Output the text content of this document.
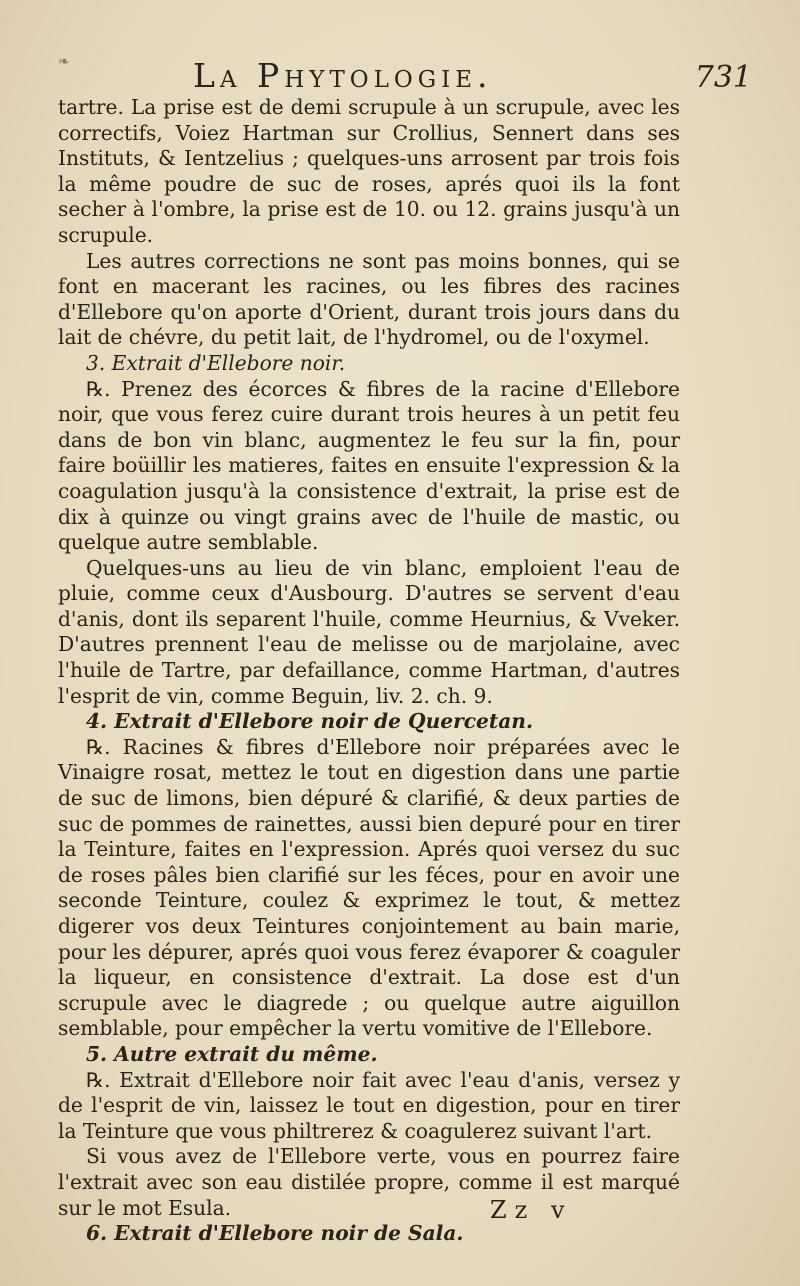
❧	La Phytologie.	731

tartre. La prise est de demi scrupule à un scrupule, avec les correctifs, Voiez Hartman sur Crollius, Sennert dans ses Instituts, & Ientzelius ; quelques-uns arrosent par trois fois la même poudre de suc de roses, aprés quoi ils la font secher à l'ombre, la prise est de 10. ou 12. grains jusqu'à un scrupule.

Les autres corrections ne sont pas moins bonnes, qui se font en macerant les racines, ou les fibres des racines d'Ellebore qu'on aporte d'Orient, durant trois jours dans du lait de chévre, du petit lait, de l'hydromel, ou de l'oxymel.

3. Extrait d'Ellebore noir.

℞. Prenez des écorces & fibres de la racine d'Ellebore noir, que vous ferez cuire durant trois heures à un petit feu dans de bon vin blanc, augmentez le feu sur la fin, pour faire boüillir les matieres, faites en ensuite l'expression & la coagulation jusqu'à la consistence d'extrait, la prise est de dix à quinze ou vingt grains avec de l'huile de mastic, ou quelque autre semblable.

Quelques-uns au lieu de vin blanc, emploient l'eau de pluie, comme ceux d'Ausbourg. D'autres se servent d'eau d'anis, dont ils separent l'huile, comme Heurnius, & Vveker. D'autres prennent l'eau de melisse ou de marjolaine, avec l'huile de Tartre, par defaillance, comme Hartman, d'autres l'esprit de vin, comme Beguin, liv. 2. ch. 9.

4. Extrait d'Ellebore noir de Quercetan.

℞. Racines & fibres d'Ellebore noir préparées avec le Vinaigre rosat, mettez le tout en digestion dans une partie de suc de limons, bien dépuré & clarifié, & deux parties de suc de pommes de rainettes, aussi bien depuré pour en tirer la Teinture, faites en l'expression. Aprés quoi versez du suc de roses pâles bien clarifié sur les féces, pour en avoir une seconde Teinture, coulez & exprimez le tout, & mettez digerer vos deux Teintures conjointement au bain marie, pour les dépurer, aprés quoi vous ferez évaporer & coaguler la liqueur, en consistence d'extrait. La dose est d'un scrupule avec le diagrede ; ou quelque autre aiguillon semblable, pour empêcher la vertu vomitive de l'Ellebore.

5. Autre extrait du même.

℞. Extrait d'Ellebore noir fait avec l'eau d'anis, versez y de l'esprit de vin, laissez le tout en digestion, pour en tirer la Teinture que vous philtrerez & coagulerez suivant l'art.

Si vous avez de l'Ellebore verte, vous en pourrez faire l'extrait avec son eau distilée propre, comme il est marqué sur le mot Esula.

6. Extrait d'Ellebore noir de Sala.

Zz v
